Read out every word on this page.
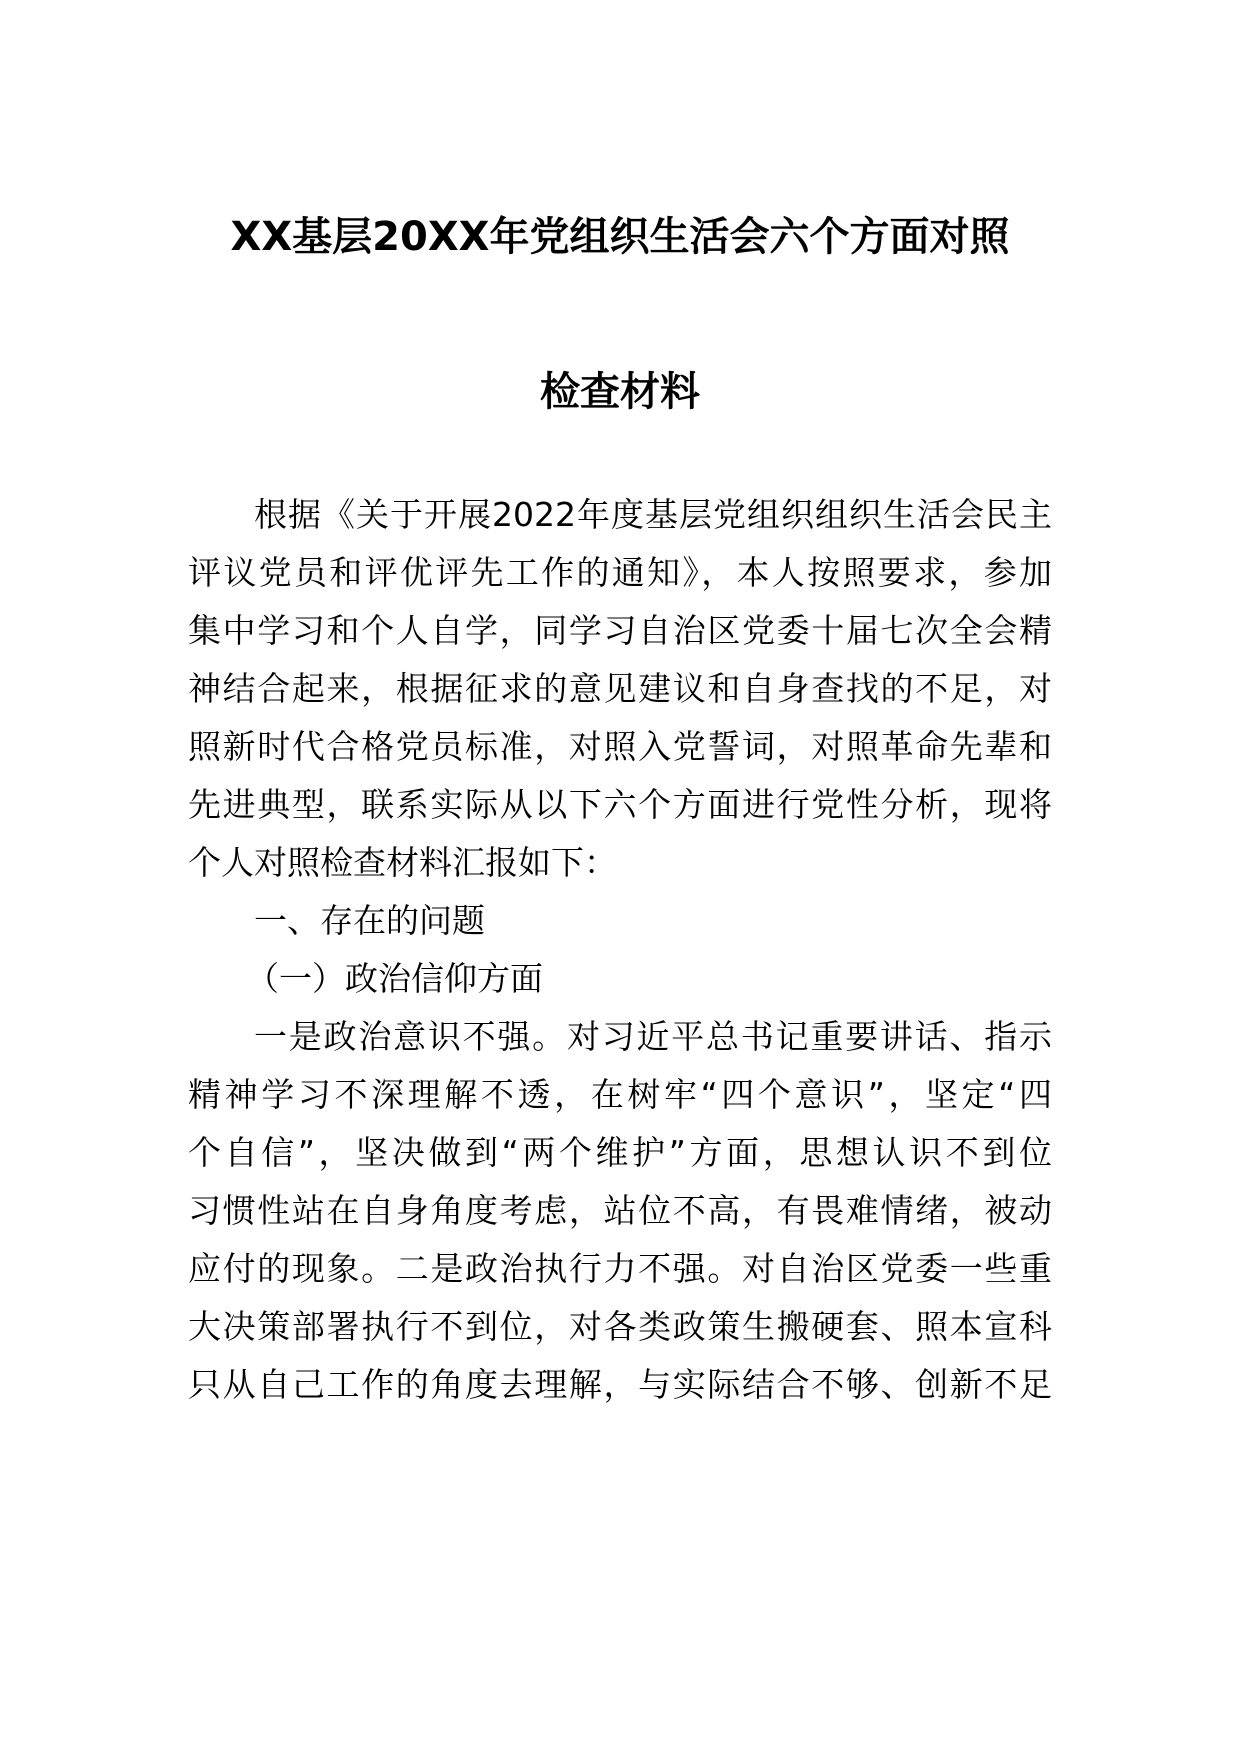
XX基层20XX年党组织生活会六个方面对照
检查材料
根据《关于开展2022年度基层党组织组织生活会民主
评议党员和评优评先工作的通知》，本人按照要求，参加
集中学习和个人自学，同学习自治区党委十届七次全会精
神结合起来，根据征求的意见建议和自身查找的不足，对
照新时代合格党员标准，对照入党誓词，对照革命先辈和
先进典型，联系实际从以下六个方面进行党性分析，现将
个人对照检查材料汇报如下：
一、存在的问题
（一）政治信仰方面
一是政治意识不强。对习近平总书记重要讲话、指示
精神学习不深理解不透，在树牢“四个意识”，坚定“四
个自信”，坚决做到“两个维护”方面，思想认识不到位
习惯性站在自身角度考虑，站位不高，有畏难情绪，被动
应付的现象。二是政治执行力不强。对自治区党委一些重
大决策部署执行不到位，对各类政策生搬硬套、照本宣科
只从自己工作的角度去理解，与实际结合不够、创新不足
